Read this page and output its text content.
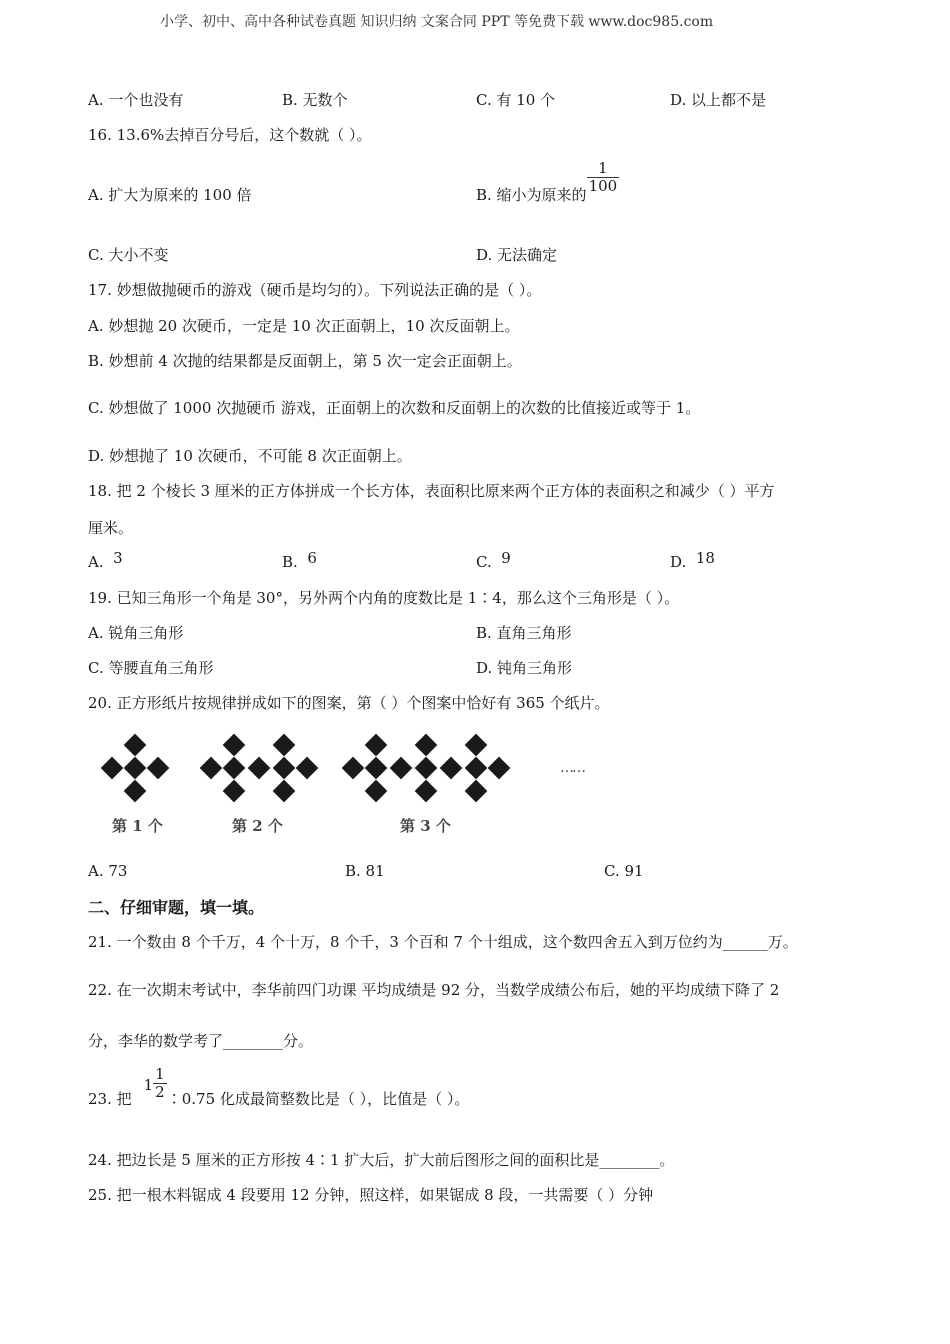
小学、初中、高中各种试卷真题 知识归纳 文案合同 PPT 等免费下载 www.doc985.com
A. 一个也没有	B. 无数个	C. 有 10 个	D. 以上都不是
16. 13.6%去掉百分号后，这个数就（ ）。
A. 扩大为原来的 100 倍	B. 缩小为原来的
$\frac{1}{100}$
C. 大小不变	D. 无法确定
17. 妙想做抛硬币的游戏（硬币是均匀的）。下列说法正确的是（ ）。
A. 妙想抛 20 次硬币，一定是 10 次正面朝上，10 次反面朝上。
B. 妙想前 4 次抛的结果都是反面朝上，第 5 次一定会正面朝上。
C. 妙想做了 1000 次抛硬币 游戏，正面朝上的次数和反面朝上的次数的比值接近或等于 1。
D. 妙想抛了 10 次硬币，不可能 8 次正面朝上。
18. 把 2 个棱长 3 厘米的正方体拼成一个长方体，表面积比原来两个正方体的表面积之和减少（ ）平方
厘米。
A. 3	B. 6	C. 9	D. 18
19. 已知三角形一个角是 30°，另外两个内角的度数比是 1∶4，那么这个三角形是（ ）。
A. 锐角三角形	B. 直角三角形
C. 等腰直角三角形	D. 钝角三角形
20. 正方形纸片按规律拼成如下的图案，第（ ）个图案中恰好有 365 个纸片。
第 1 个	第 2 个	第 3 个
……
A. 73	B. 81	C. 91
二、仔细审题，填一填。
21. 一个数由 8 个千万，4 个十万，8 个千，3 个百和 7 个十组成，这个数四舍五入到万位约为______万。
22. 在一次期末考试中，李华前四门功课 平均成绩是 92 分，当数学成绩公布后，她的平均成绩下降了 2
分，李华的数学考了________分。
23. 把$1 \frac{1}{2}$ ∶0.75 化成最简整数比是（ ），比值是（ ）。
24. 把边长是 5 厘米的正方形按 4∶1 扩大后，扩大前后图形之间的面积比是________。
25. 把一根木料锯成 4 段要用 12 分钟，照这样，如果锯成 8 段，一共需要（ ）分钟
